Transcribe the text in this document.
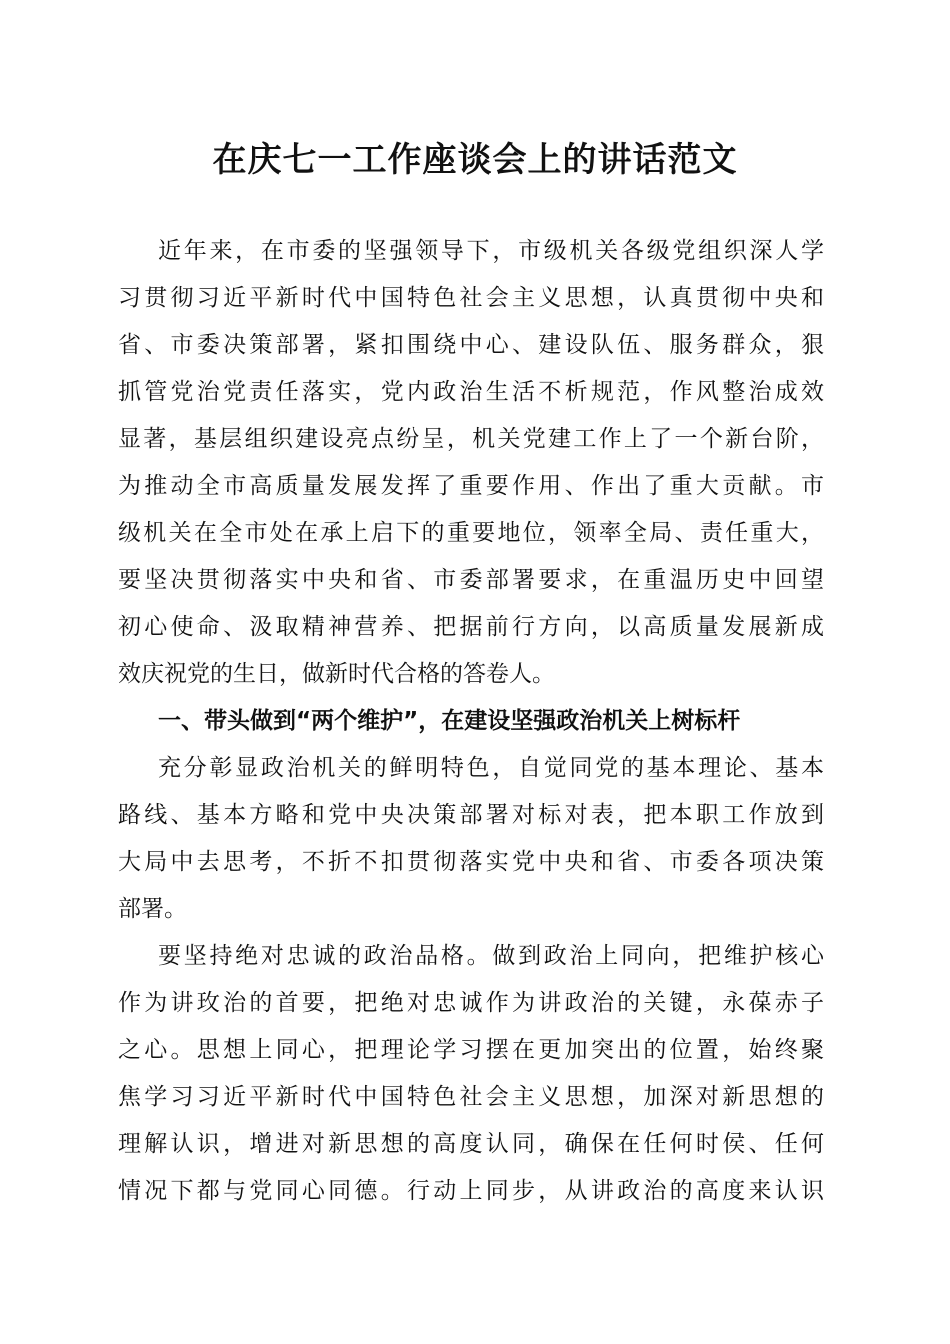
在庆七一工作座谈会上的讲话范文
近年来，在市委的坚强领导下，市级机关各级党组织深人学
习贯彻习近平新时代中国特色社会主义思想，认真贯彻中央和
省、市委决策部署，紧扣围绕中心、建设队伍、服务群众，狠
抓管党治党责任落实，党内政治生活不析规范，作风整治成效
显著，基层组织建设亮点纷呈，机关党建工作上了一个新台阶，
为推动全市高质量发展发挥了重要作用、作出了重大贡献。市
级机关在全市处在承上启下的重要地位，领率全局、责任重大，
要坚决贯彻落实中央和省、市委部署要求，在重温历史中回望
初心使命、汲取精神营养、把据前行方向，以高质量发展新成
效庆祝党的生日，做新时代合格的答卷人。
一、带头做到“两个维护”，在建设坚强政治机关上树标杆
充分彰显政治机关的鲜明特色，自觉同党的基本理论、基本
路线、基本方略和党中央决策部署对标对表，把本职工作放到
大局中去思考，不折不扣贯彻落实党中央和省、市委各项决策
部署。
要坚持绝对忠诚的政治品格。做到政治上同向，把维护核心
作为讲玫治的首要，把绝对忠诚作为讲政治的关键，永葆赤子
之心。思想上同心，把理论学习摆在更加突出的位置，始终聚
焦学习习近平新时代中国特色社会主义思想，加深对新思想的
理解认识，增进对新思想的高度认同，确保在任何时侯、任何
情况下都与党同心同德。行动上同步，从讲政治的高度来认识
